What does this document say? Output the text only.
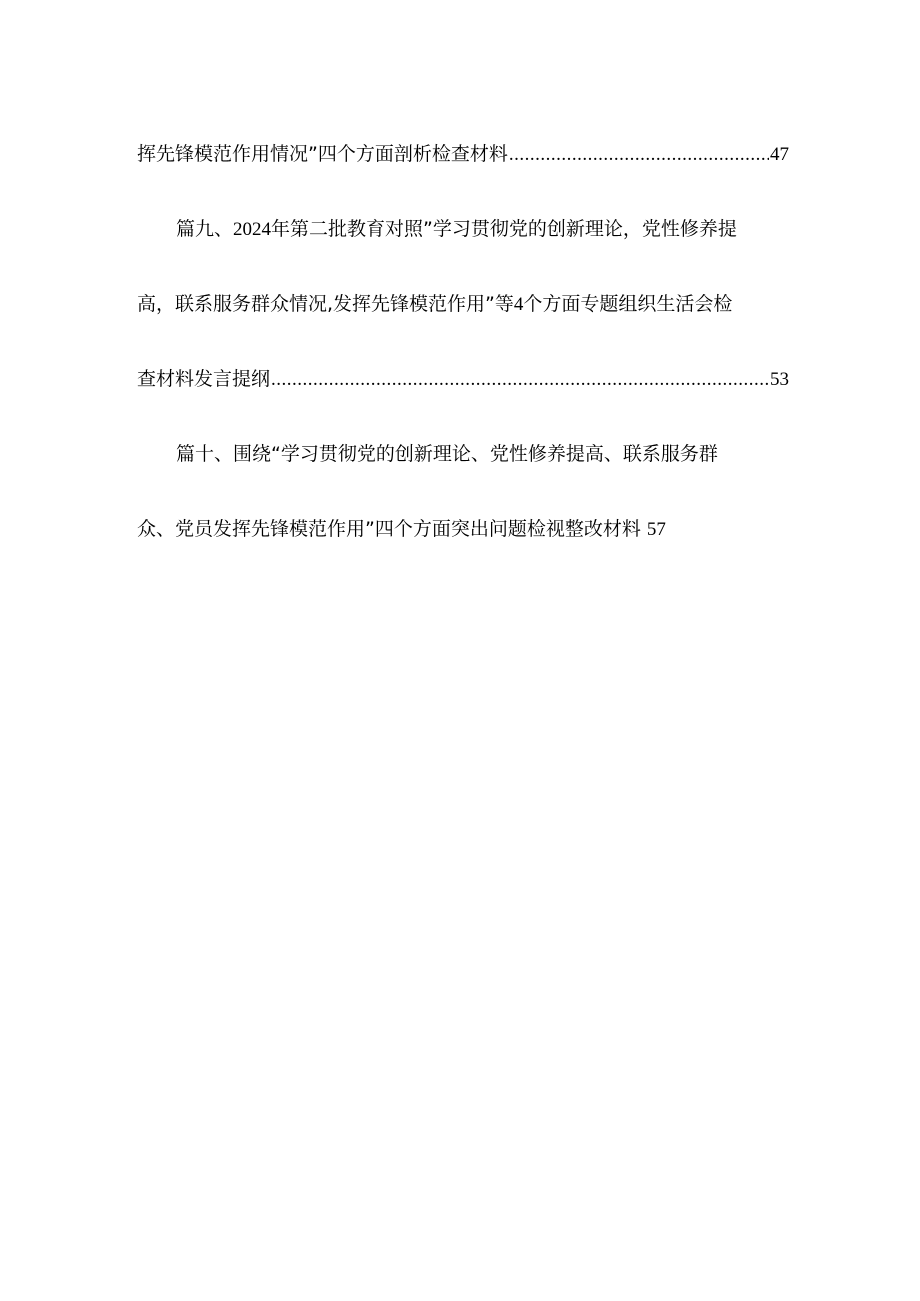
挥先锋模范作用情况”四个方面剖析检查材料 .....	47
篇九、2024年第二批教育对照”学习贯彻党的创新理论，党性修养提
高，联系服务群众情况,发挥先锋模范作用”等4个方面专题组织生活会检
查材料发言提纲 .....	53
篇十、围绕“学习贯彻党的创新理论、党性修养提高、联系服务群
众、党员发挥先锋模范作用”四个方面突出问题检视整改材料 57
